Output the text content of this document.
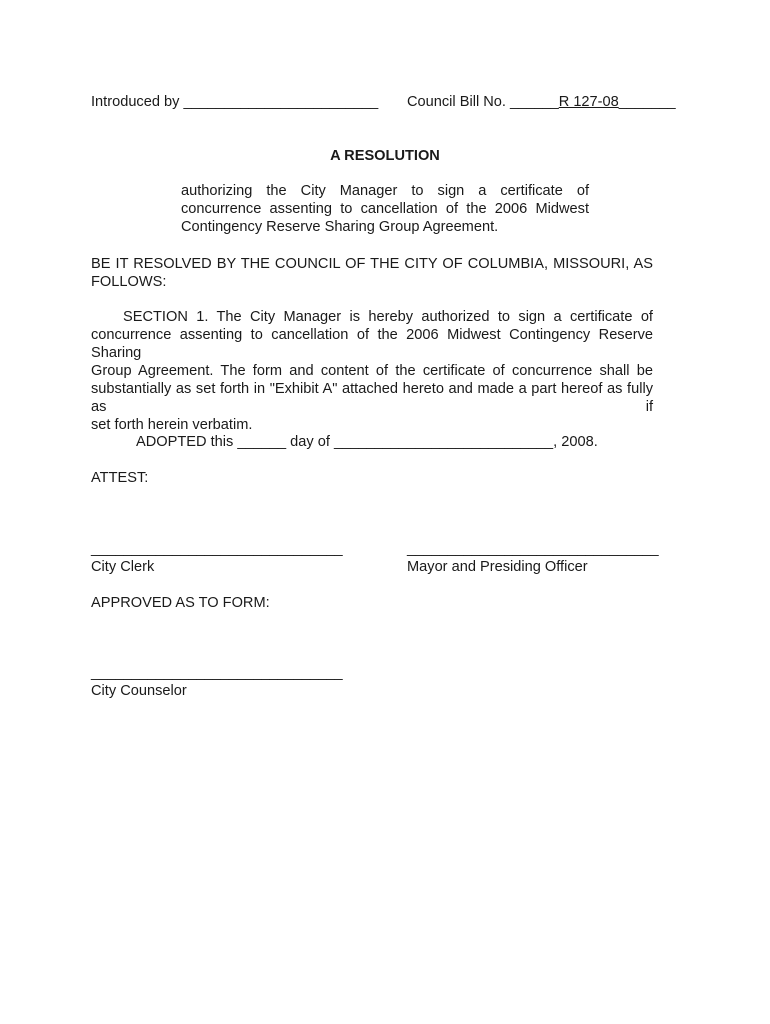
Introduced by ________________________ Council Bill No. ______R 127-08_______
A RESOLUTION
authorizing the City Manager to sign a certificate of
concurrence assenting to cancellation of the 2006 Midwest
Contingency Reserve Sharing Group Agreement.
BE IT RESOLVED BY THE COUNCIL OF THE CITY OF COLUMBIA, MISSOURI, AS
FOLLOWS:
SECTION 1. The City Manager is hereby authorized to sign a certificate of
concurrence assenting to cancellation of the 2006 Midwest Contingency Reserve Sharing
Group Agreement. The form and content of the certificate of concurrence shall be
substantially as set forth in "Exhibit A" attached hereto and made a part hereof as fully as if
set forth herein verbatim.
ADOPTED this ______ day of ___________________________, 2008.
ATTEST:
_______________________________
City Clerk
_______________________________
Mayor and Presiding Officer
APPROVED AS TO FORM:
_______________________________
City Counselor
